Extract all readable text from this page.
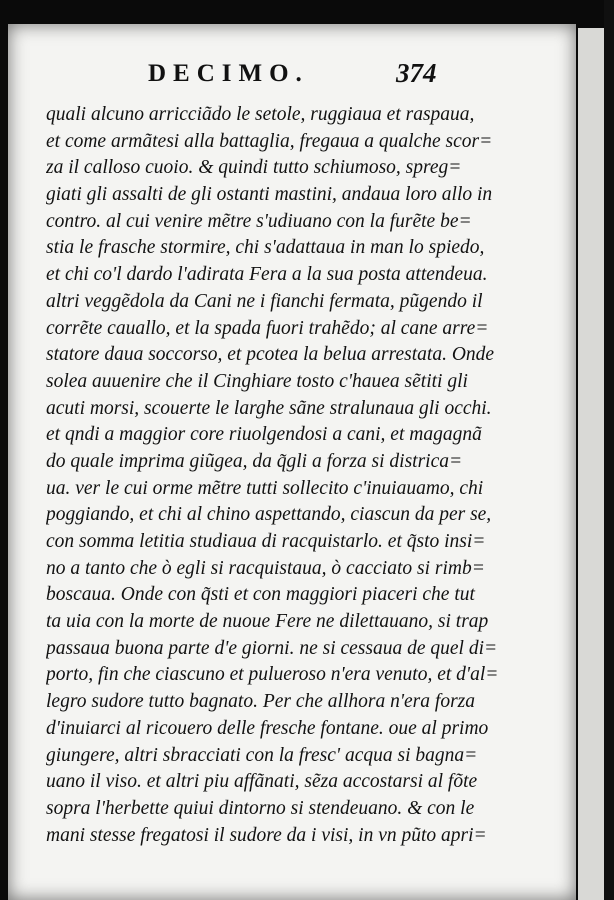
DECIMO.	374
quali alcuno arricciãdo le setole, ruggiaua et raspaua,
et come armãtesi alla battaglia, fregaua a qualche scor=
za il calloso cuoio. & quindi tutto schiumoso, spreg=
giati gli assalti de gli ostanti mastini, andaua loro allo in
contro. al cui venire mẽtre s'udiuano con la furẽte be=
stia le frasche stormire, chi s'adattaua in man lo spiedo,
et chi co'l dardo l'adirata Fera a la sua posta attendeua.
altri veggẽdola da Cani ne i fianchi fermata, pũgendo il
corrẽte cauallo, et la spada fuori trahẽdo; al cane arre=
statore daua soccorso, et pcotea la belua arrestata. Onde
solea auuenire che il Cinghiare tosto c'hauea sẽtiti gli
acuti morsi, scouerte le larghe sãne stralunaua gli occhi.
et qndi a maggior core riuolgendosi a cani, et magagnã
do quale imprima giũgea, da q̃gli a forza si districa=
ua. ver le cui orme mẽtre tutti sollecito c'inuiauamo, chi
poggiando, et chi al chino aspettando, ciascun da per se,
con somma letitia studiaua di racquistarlo. et q̃sto insi=
no a tanto che ò egli si racquistaua, ò cacciato si rimb=
boscaua. Onde con q̃sti et con maggiori piaceri che tut
ta uia con la morte de nuoue Fere ne dilettauano, si trap
passaua buona parte d'e giorni. ne si cessaua de quel di=
porto, fin che ciascuno et pulueroso n'era venuto, et d'al=
legro sudore tutto bagnato. Per che allhora n'era forza
d'inuiarci al ricouero delle fresche fontane. oue al primo
giungere, altri sbracciati con la fresc' acqua si bagna=
uano il viso. et altri piu affãnati, sẽza accostarsi al fõte
sopra l'herbette quiui dintorno si stendeuano. & con le
mani stesse fregatosi il sudore da i visi, in vn pũto apri=
